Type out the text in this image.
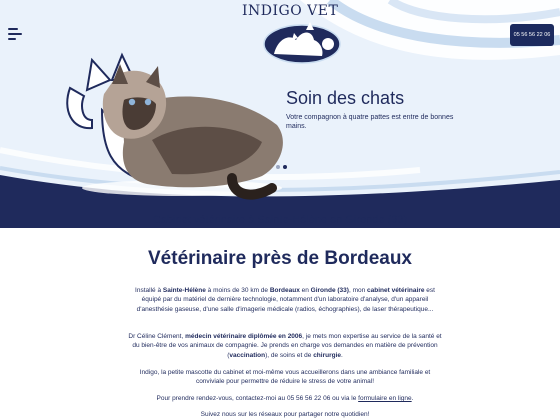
INDIGO VET
05 56 56 22 06
Soin des chats
Votre compagnon à quatre pattes est entre de bonnes mains.
Cabinet vétérinaire à Sainte-Hélène en Gironde (33)
Vétérinaire près de Bordeaux

Installé à Sainte-Hélène à moins de 30 km de Bordeaux en Gironde (33), mon cabinet vétérinaire est équipé par du matériel de dernière technologie, notamment d'un laboratoire d'analyse, d'un appareil d'anesthésie gaseuse, d'une salle d'imagerie médicale (radios, échographies), de laser thérapeutique...

Dr Céline Clément, médecin vétérinaire diplômée en 2006, je mets mon expertise au service de la santé et du bien-être de vos animaux de compagnie. Je prends en charge vos demandes en matière de prévention (vaccination), de soins et de chirurgie.

Indigo, la petite mascotte du cabinet et moi-même vous accueillerons dans une ambiance familiale et conviviale pour permettre de réduire le stress de votre animal!

Pour prendre rendez-vous, contactez-moi au 05 56 56 22 06 ou via le formulaire en ligne.

Suivez nous sur les réseaux pour partager notre quotidien!
